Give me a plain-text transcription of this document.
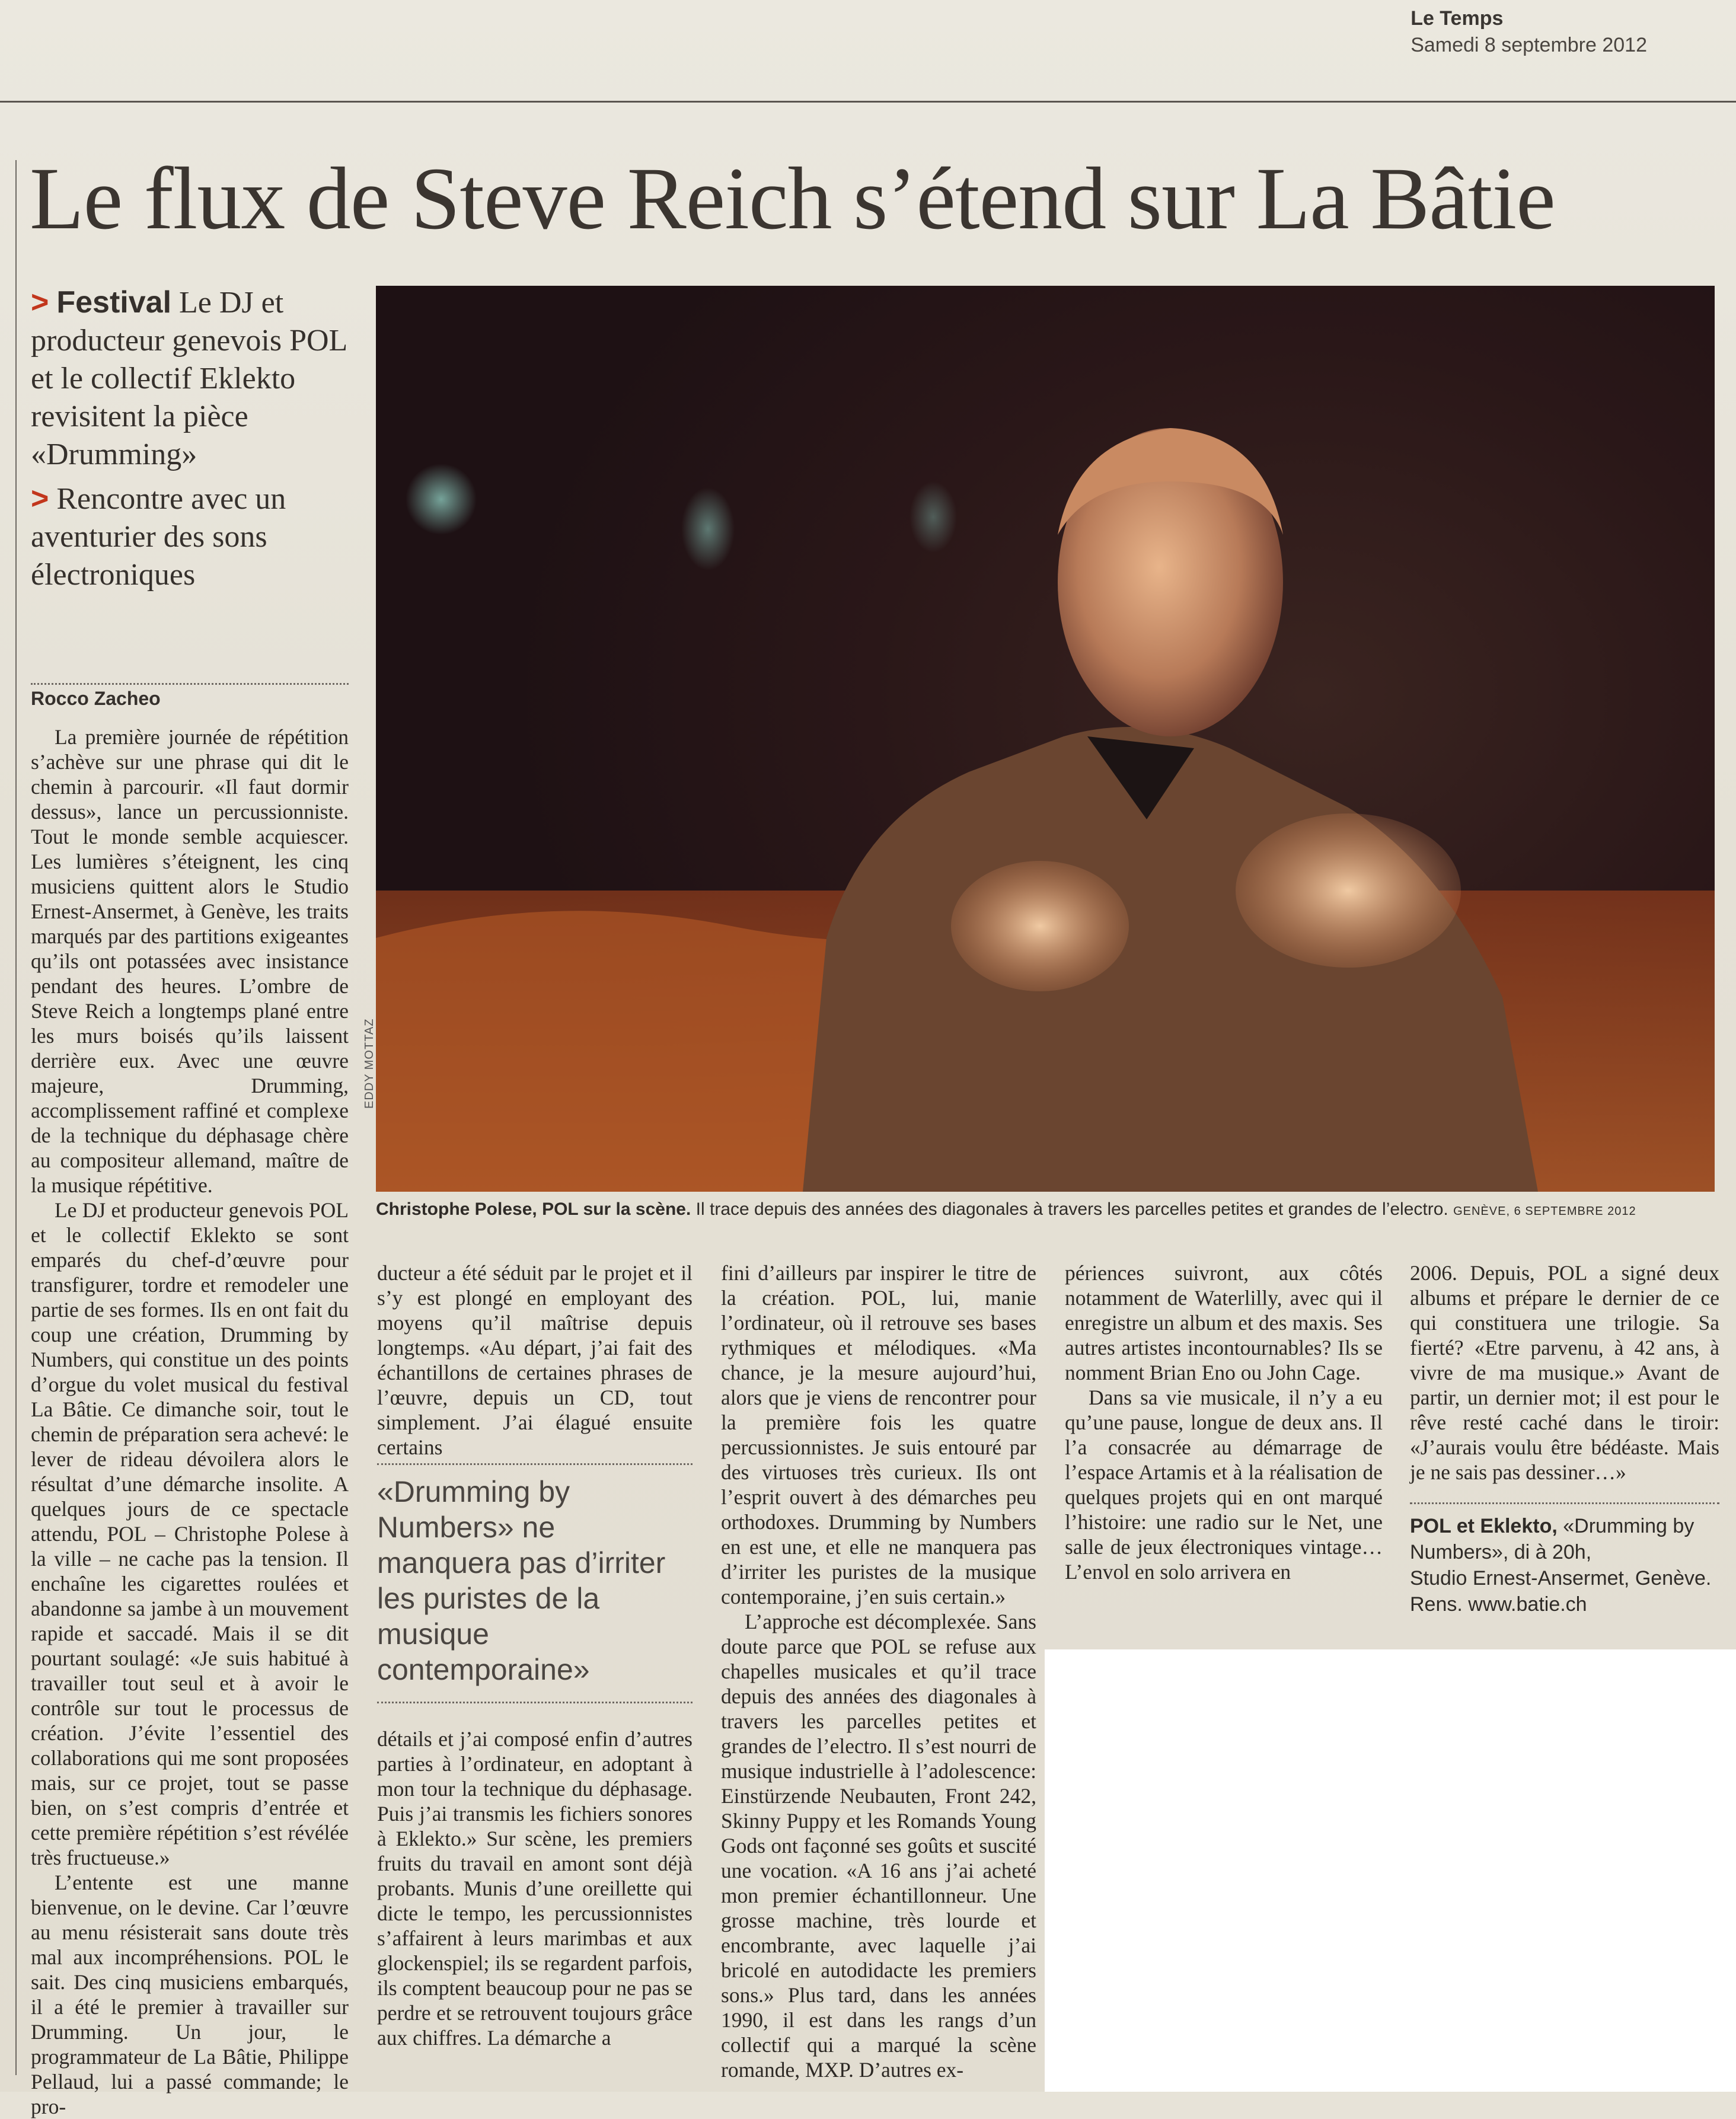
Le Temps
Samedi 8 septembre 2012
Le flux de Steve Reich s’étend sur La Bâtie

> Festival Le DJ et producteur genevois POL et le collectif Eklekto revisitent la pièce «Drumming»

> Rencontre avec un aventurier des sons électroniques

Rocco Zacheo
EDDY MOTTAZ
Christophe Polese, POL sur la scène. Il trace depuis des années des diagonales à travers les parcelles petites et grandes de l’electro. GENÈVE, 6 SEPTEMBRE 2012

La première journée de répétition s’achève sur une phrase qui dit le chemin à parcourir. «Il faut dormir dessus», lance un percussionniste. Tout le monde semble acquiescer. Les lumières s’éteignent, les cinq musiciens quittent alors le Studio Ernest-Ansermet, à Genève, les traits marqués par des partitions exigeantes qu’ils ont potassées avec insistance pendant des heures. L’ombre de Steve Reich a longtemps plané entre les murs boisés qu’ils laissent derrière eux. Avec une œuvre majeure, Drumming, accomplissement raffiné et complexe de la technique du déphasage chère au compositeur allemand, maître de la musique répétitive.

Le DJ et producteur genevois POL et le collectif Eklekto se sont emparés du chef-d’œuvre pour transfigurer, tordre et remodeler une partie de ses formes. Ils en ont fait du coup une création, Drumming by Numbers, qui constitue un des points d’orgue du volet musical du festival La Bâtie. Ce dimanche soir, tout le chemin de préparation sera achevé: le lever de rideau dévoilera alors le résultat d’une démarche insolite. A quelques jours de ce spectacle attendu, POL – Christophe Polese à la ville – ne cache pas la tension. Il enchaîne les cigarettes roulées et abandonne sa jambe à un mouvement rapide et saccadé. Mais il se dit pourtant soulagé: «Je suis habitué à travailler tout seul et à avoir le contrôle sur tout le processus de création. J’évite l’essentiel des collaborations qui me sont proposées mais, sur ce projet, tout se passe bien, on s’est compris d’entrée et cette première répétition s’est révélée très fructueuse.»

L’entente est une manne bienvenue, on le devine. Car l’œuvre au menu résisterait sans doute très mal aux incompréhensions. POL le sait. Des cinq musiciens embarqués, il a été le premier à travailler sur Drumming. Un jour, le programmateur de La Bâtie, Philippe Pellaud, lui a passé commande; le pro-

ducteur a été séduit par le projet et il s’y est plongé en employant des moyens qu’il maîtrise depuis longtemps. «Au départ, j’ai fait des échantillons de certaines phrases de l’œuvre, depuis un CD, tout simplement. J’ai élagué ensuite certains

«Drumming by Numbers» ne manquera pas d’irriter les puristes de la musique contemporaine»

détails et j’ai composé enfin d’autres parties à l’ordinateur, en adoptant à mon tour la technique du déphasage. Puis j’ai transmis les fichiers sonores à Eklekto.» Sur scène, les premiers fruits du travail en amont sont déjà probants. Munis d’une oreillette qui dicte le tempo, les percussionnistes s’affairent à leurs marimbas et aux glockenspiel; ils se regardent parfois, ils comptent beaucoup pour ne pas se perdre et se retrouvent toujours grâce aux chiffres. La démarche a

fini d’ailleurs par inspirer le titre de la création. POL, lui, manie l’ordinateur, où il retrouve ses bases rythmiques et mélodiques. «Ma chance, je la mesure aujourd’hui, alors que je viens de rencontrer pour la première fois les quatre percussionnistes. Je suis entouré par des virtuoses très curieux. Ils ont l’esprit ouvert à des démarches peu orthodoxes. Drumming by Numbers en est une, et elle ne manquera pas d’irriter les puristes de la musique contemporaine, j’en suis certain.»

L’approche est décomplexée. Sans doute parce que POL se refuse aux chapelles musicales et qu’il trace depuis des années des diagonales à travers les parcelles petites et grandes de l’electro. Il s’est nourri de musique industrielle à l’adolescence: Einstürzende Neubauten, Front 242, Skinny Puppy et les Romands Young Gods ont façonné ses goûts et suscité une vocation. «A 16 ans j’ai acheté mon premier échantillonneur. Une grosse machine, très lourde et encombrante, avec laquelle j’ai bricolé en autodidacte les premiers sons.» Plus tard, dans les années 1990, il est dans les rangs d’un collectif qui a marqué la scène romande, MXP. D’autres ex-

périences suivront, aux côtés notamment de Waterlilly, avec qui il enregistre un album et des maxis. Ses autres artistes incontournables? Ils se nomment Brian Eno ou John Cage.

Dans sa vie musicale, il n’y a eu qu’une pause, longue de deux ans. Il l’a consacrée au démarrage de l’espace Artamis et à la réalisation de quelques projets qui en ont marqué l’histoire: une radio sur le Net, une salle de jeux électroniques vintage… L’envol en solo arrivera en

2006. Depuis, POL a signé deux albums et prépare le dernier de ce qui constituera une trilogie. Sa fierté? «Etre parvenu, à 42 ans, à vivre de ma musique.» Avant de partir, un dernier mot; il est pour le rêve resté caché dans le tiroir: «J’aurais voulu être bédéaste. Mais je ne sais pas dessiner…»

POL et Eklekto, «Drumming by Numbers», di à 20h,
Studio Ernest-Ansermet, Genève.
Rens. www.batie.ch
